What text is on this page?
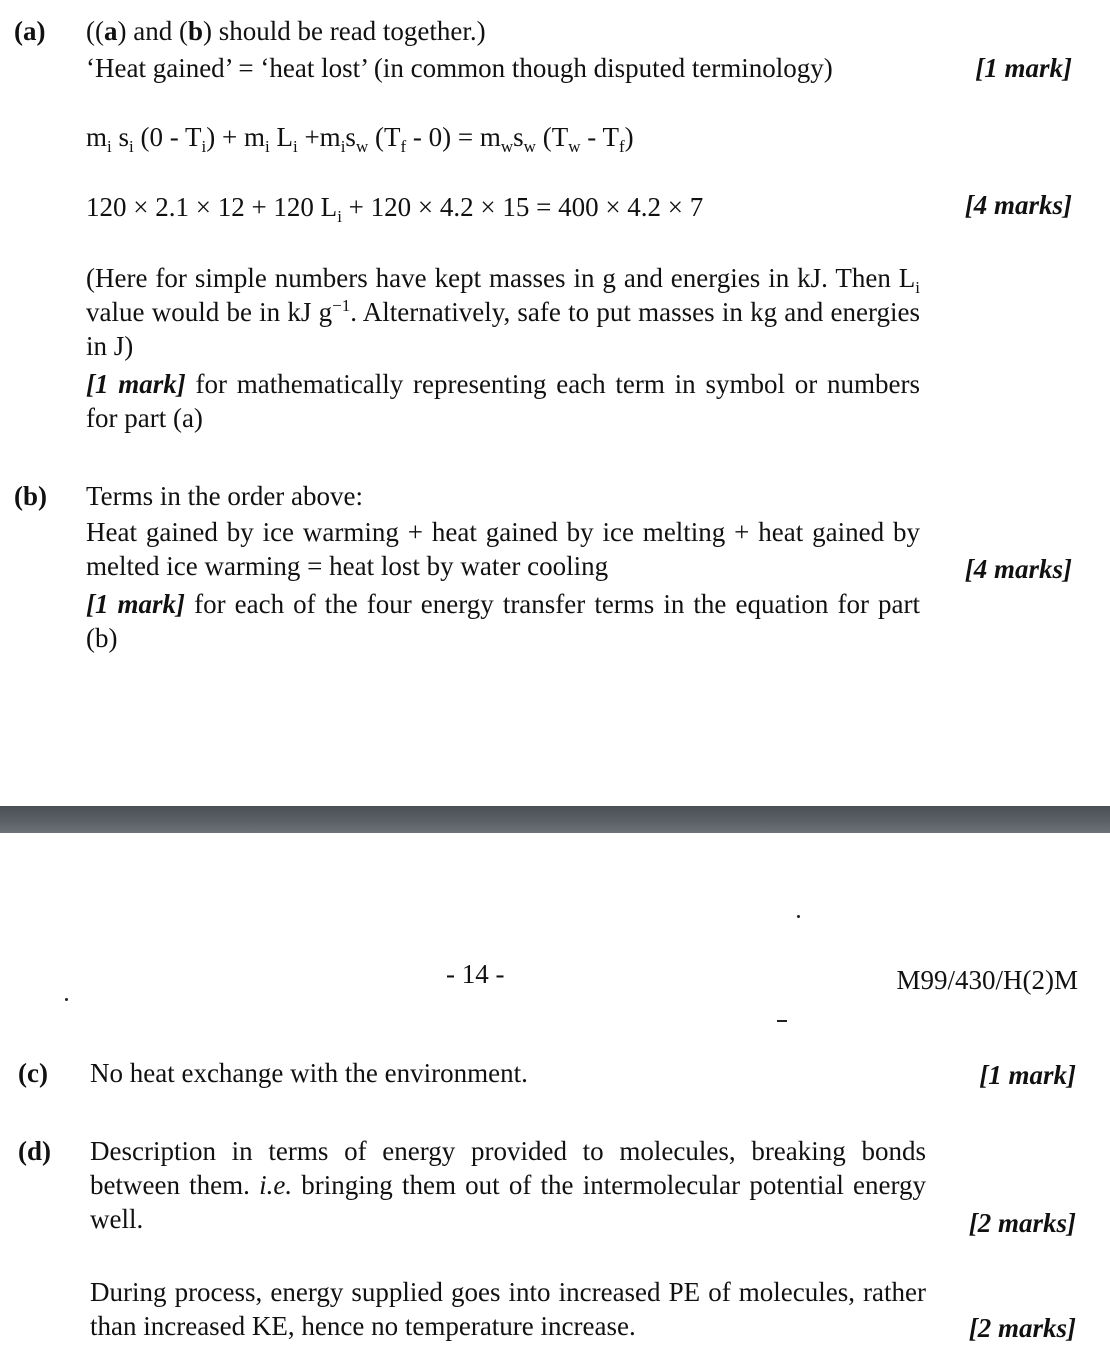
(a) ((a) and (b) should be read together.)
‘Heat gained’ = ‘heat lost’ (in common though disputed terminology)	[1 mark]
$m_i$ $s_i$ $(0 - T_i) + m_i$ $L_i +m_is_w$ $(T_f - 0) = m_ws_w$ $(T_w - T_f)$
120 × 2.1 × 12 + 120 $L_i + 120 \times 4.2 \times 15 = 400 \times 4.2 \times 7$	[4 marks]
(Here for simple numbers have kept masses in g and energies in kJ. Then $L_i$ value would be in kJ $g^{-1}$. Alternatively, safe to put masses in kg and energies in J)
[1 mark] for mathematically representing each term in symbol or numbers for part (a)
(b) Terms in the order above:
Heat gained by ice warming + heat gained by ice melting + heat gained by melted ice warming = heat lost by water cooling	[4 marks]
[1 mark] for each of the four energy transfer terms in the equation for part (b)
- 14 -	M99/430/H(2)M
(c) No heat exchange with the environment.	[1 mark]
(d) Description in terms of energy provided to molecules, breaking bonds between them. i.e. bringing them out of the intermolecular potential energy well.	[2 marks]
During process, energy supplied goes into increased PE of molecules, rather than increased KE, hence no temperature increase.	[2 marks]
